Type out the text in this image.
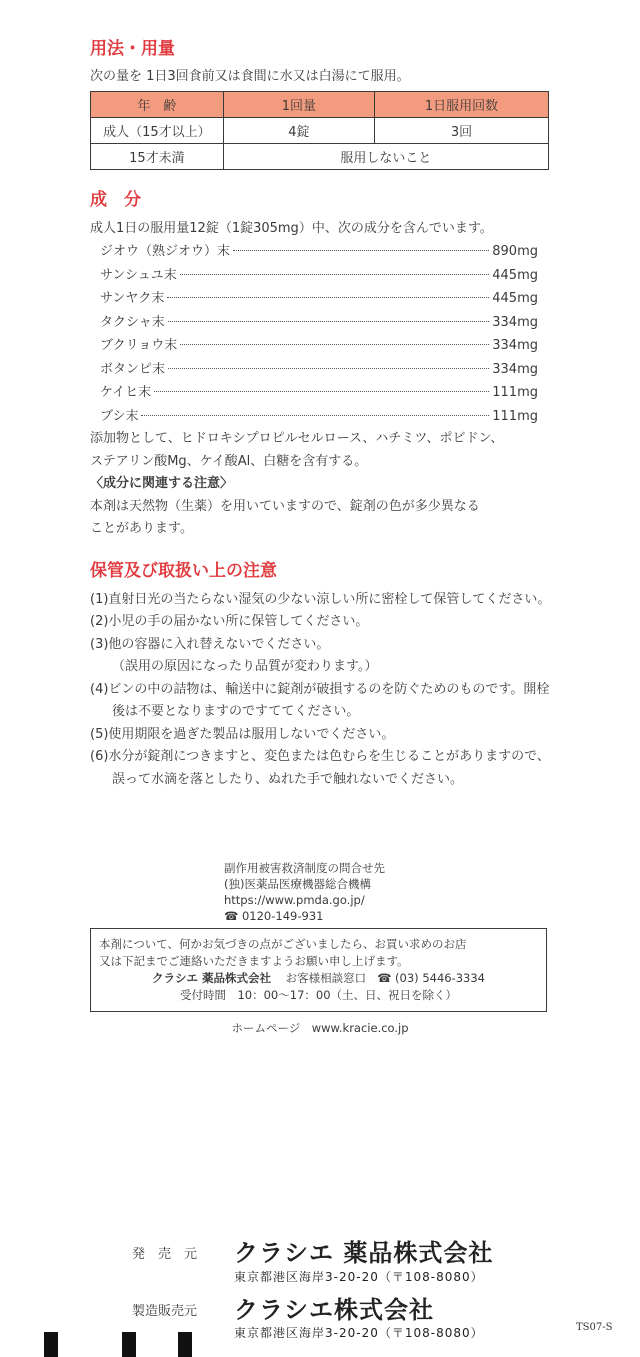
用法・用量

次の量を 1日3回食前又は食間に水又は白湯にて服用。

年　齢	1回量	1日服用回数
成人（15才以上）	4錠	3回
15才未満	服用しないこと	
成　分

成人1日の服用量12錠（1錠305mg）中、次の成分を含んでいます。

ジオウ（熟ジオウ）末	890mg
サンシュユ末	445mg
サンヤク末	445mg
タクシャ末	334mg
ブクリョウ末	334mg
ボタンピ末	334mg
ケイヒ末	111mg
ブシ末	111mg

添加物として、ヒドロキシプロピルセルロース、ハチミツ、ポビドン、

ステアリン酸Mg、ケイ酸Al、白糖を含有する。

〈成分に関連する注意〉

本剤は天然物（生薬）を用いていますので、錠剤の色が多少異なる

ことがあります。

保管及び取扱い上の注意

(1)直射日光の当たらない湿気の少ない涼しい所に密栓して保管してください。

(2)小児の手の届かない所に保管してください。

(3)他の容器に入れ替えないでください。

（誤用の原因になったり品質が変わります。）

(4)ビンの中の詰物は、輸送中に錠剤が破損するのを防ぐためのものです。開栓後は不要となりますのですててください。

(5)使用期限を過ぎた製品は服用しないでください。

(6)水分が錠剤につきますと、変色または色むらを生じることがありますので、誤って水滴を落としたり、ぬれた手で触れないでください。

副作用被害救済制度の問合せ先
(独)医薬品医療機器総合機構
https://www.pmda.go.jp/
☎ 0120-149-931
本剤について、何かお気づきの点がございましたら、お買い求めのお店
又は下記までご連絡いただきますようお願い申し上げます。
クラシエ 薬品株式会社 お客様相談窓口 ☎ (03) 5446-3334
受付時間　10：00～17：00（土、日、祝日を除く）
ホームページ　www.kracie.co.jp
発　売　元 クラシエ 薬品株式会社
東京都港区海岸3-20-20（〒108-8080）
製造販売元 クラシエ株式会社
東京都港区海岸3-20-20（〒108-8080）	TS07-S
